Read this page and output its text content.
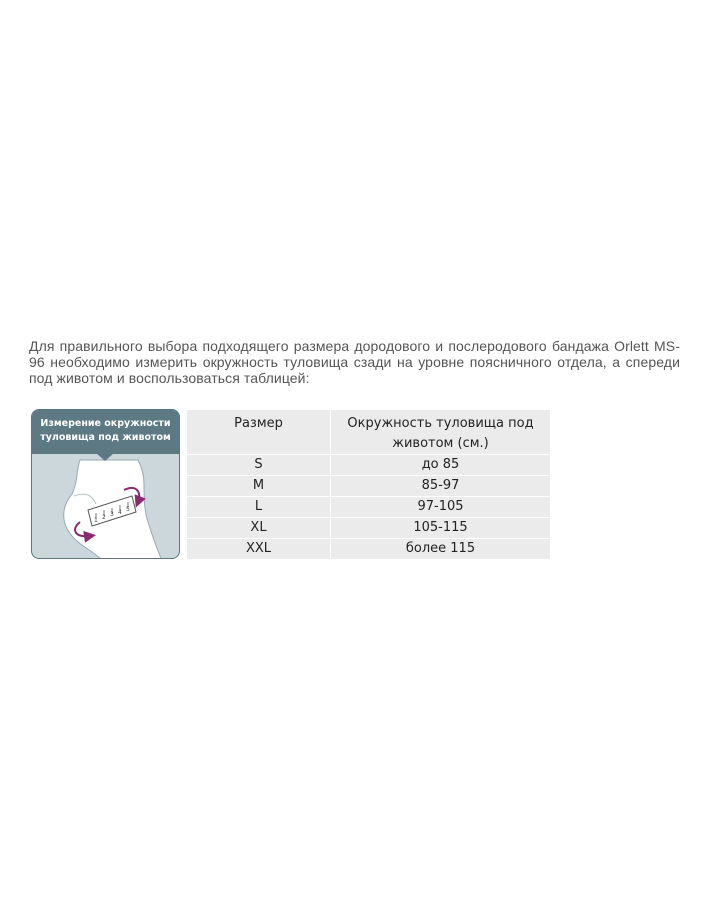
Для правильного выбора подходящего размера дородового и послеродового бандажа Orlett MS-96 необходимо измерить окружность туловища сзади на уровне поясничного отдела, а спереди под животом и воспользоваться таблицей:
Измерение окружности
туловища под животом
1 2 3 4 5
Размер	Окружность туловища под животом (см.)
S	до 85
M	85-97
L	97-105
XL	105-115
XXL	более 115
